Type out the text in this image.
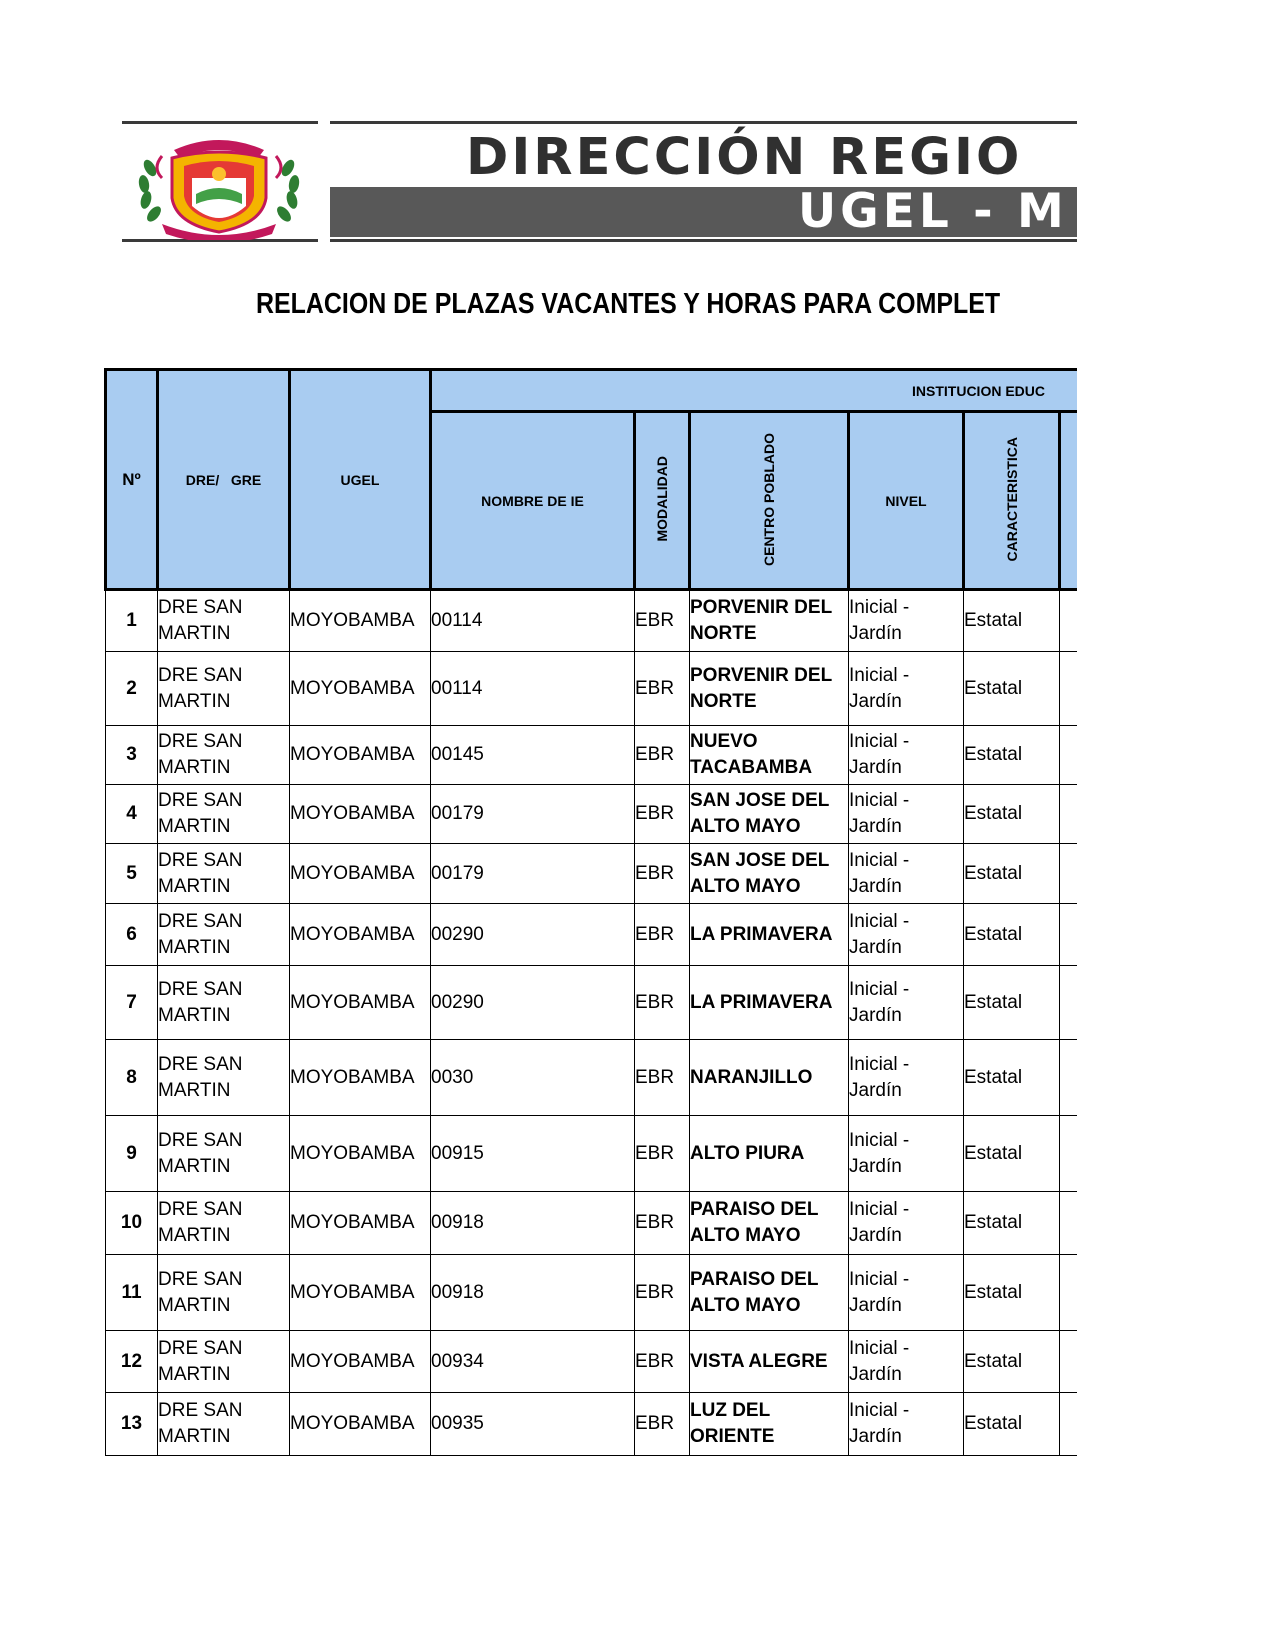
DIRECCIÓN REGIO
UGEL - M
RELACION DE PLAZAS VACANTES Y HORAS PARA COMPLET
Nº	DRE/   GRE	UGEL	INSTITUCION EDUC					
			NOMBRE DE IE	MODALIDAD	CENTRO POBLADO	NIVEL	CARACTERISTICA	
1	DRE SAN MARTIN	MOYOBAMBA	00114	EBR	PORVENIR DEL NORTE	Inicial - Jardín	Estatal	
2	DRE SAN MARTIN	MOYOBAMBA	00114	EBR	PORVENIR DEL NORTE	Inicial - Jardín	Estatal	
3	DRE SAN MARTIN	MOYOBAMBA	00145	EBR	NUEVO TACABAMBA	Inicial - Jardín	Estatal	
4	DRE SAN MARTIN	MOYOBAMBA	00179	EBR	SAN JOSE DEL ALTO MAYO	Inicial - Jardín	Estatal	
5	DRE SAN MARTIN	MOYOBAMBA	00179	EBR	SAN JOSE DEL ALTO MAYO	Inicial - Jardín	Estatal	
6	DRE SAN MARTIN	MOYOBAMBA	00290	EBR	LA PRIMAVERA	Inicial - Jardín	Estatal	
7	DRE SAN MARTIN	MOYOBAMBA	00290	EBR	LA PRIMAVERA	Inicial - Jardín	Estatal	
8	DRE SAN MARTIN	MOYOBAMBA	0030	EBR	NARANJILLO	Inicial - Jardín	Estatal	
9	DRE SAN MARTIN	MOYOBAMBA	00915	EBR	ALTO PIURA	Inicial - Jardín	Estatal	
10	DRE SAN MARTIN	MOYOBAMBA	00918	EBR	PARAISO DEL ALTO MAYO	Inicial - Jardín	Estatal	
11	DRE SAN MARTIN	MOYOBAMBA	00918	EBR	PARAISO DEL ALTO MAYO	Inicial - Jardín	Estatal	
12	DRE SAN MARTIN	MOYOBAMBA	00934	EBR	VISTA ALEGRE	Inicial - Jardín	Estatal	
13	DRE SAN MARTIN	MOYOBAMBA	00935	EBR	LUZ DEL ORIENTE	Inicial - Jardín	Estatal	
